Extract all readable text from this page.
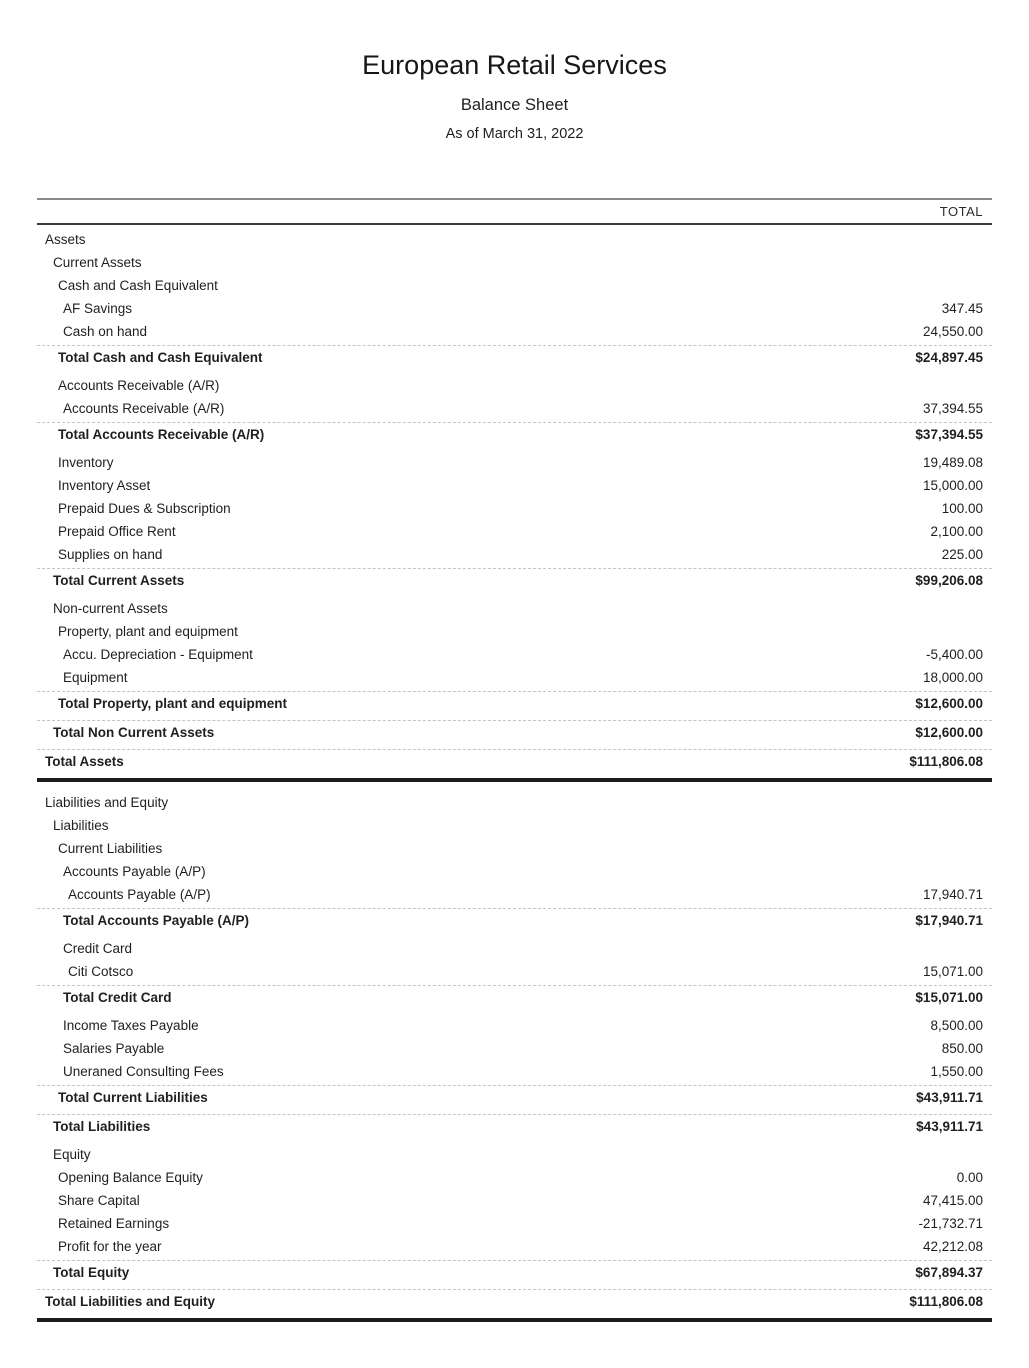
European Retail Services
Balance Sheet
As of March 31, 2022
TOTAL
Assets
Current Assets
Cash and Cash Equivalent
AF Savings	347.45
Cash on hand	24,550.00
Total Cash and Cash Equivalent	$24,897.45
Accounts Receivable (A/R)
Accounts Receivable (A/R)	37,394.55
Total Accounts Receivable (A/R)	$37,394.55
Inventory	19,489.08
Inventory Asset	15,000.00
Prepaid Dues & Subscription	100.00
Prepaid Office Rent	2,100.00
Supplies on hand	225.00
Total Current Assets	$99,206.08
Non-current Assets
Property, plant and equipment
Accu. Depreciation - Equipment	-5,400.00
Equipment	18,000.00
Total Property, plant and equipment	$12,600.00
Total Non Current Assets	$12,600.00
Total Assets	$111,806.08
Liabilities and Equity
Liabilities
Current Liabilities
Accounts Payable (A/P)
Accounts Payable (A/P)	17,940.71
Total Accounts Payable (A/P)	$17,940.71
Credit Card
Citi Cotsco	15,071.00
Total Credit Card	$15,071.00
Income Taxes Payable	8,500.00
Salaries Payable	850.00
Uneraned Consulting Fees	1,550.00
Total Current Liabilities	$43,911.71
Total Liabilities	$43,911.71
Equity
Opening Balance Equity	0.00
Share Capital	47,415.00
Retained Earnings	-21,732.71
Profit for the year	42,212.08
Total Equity	$67,894.37
Total Liabilities and Equity	$111,806.08
